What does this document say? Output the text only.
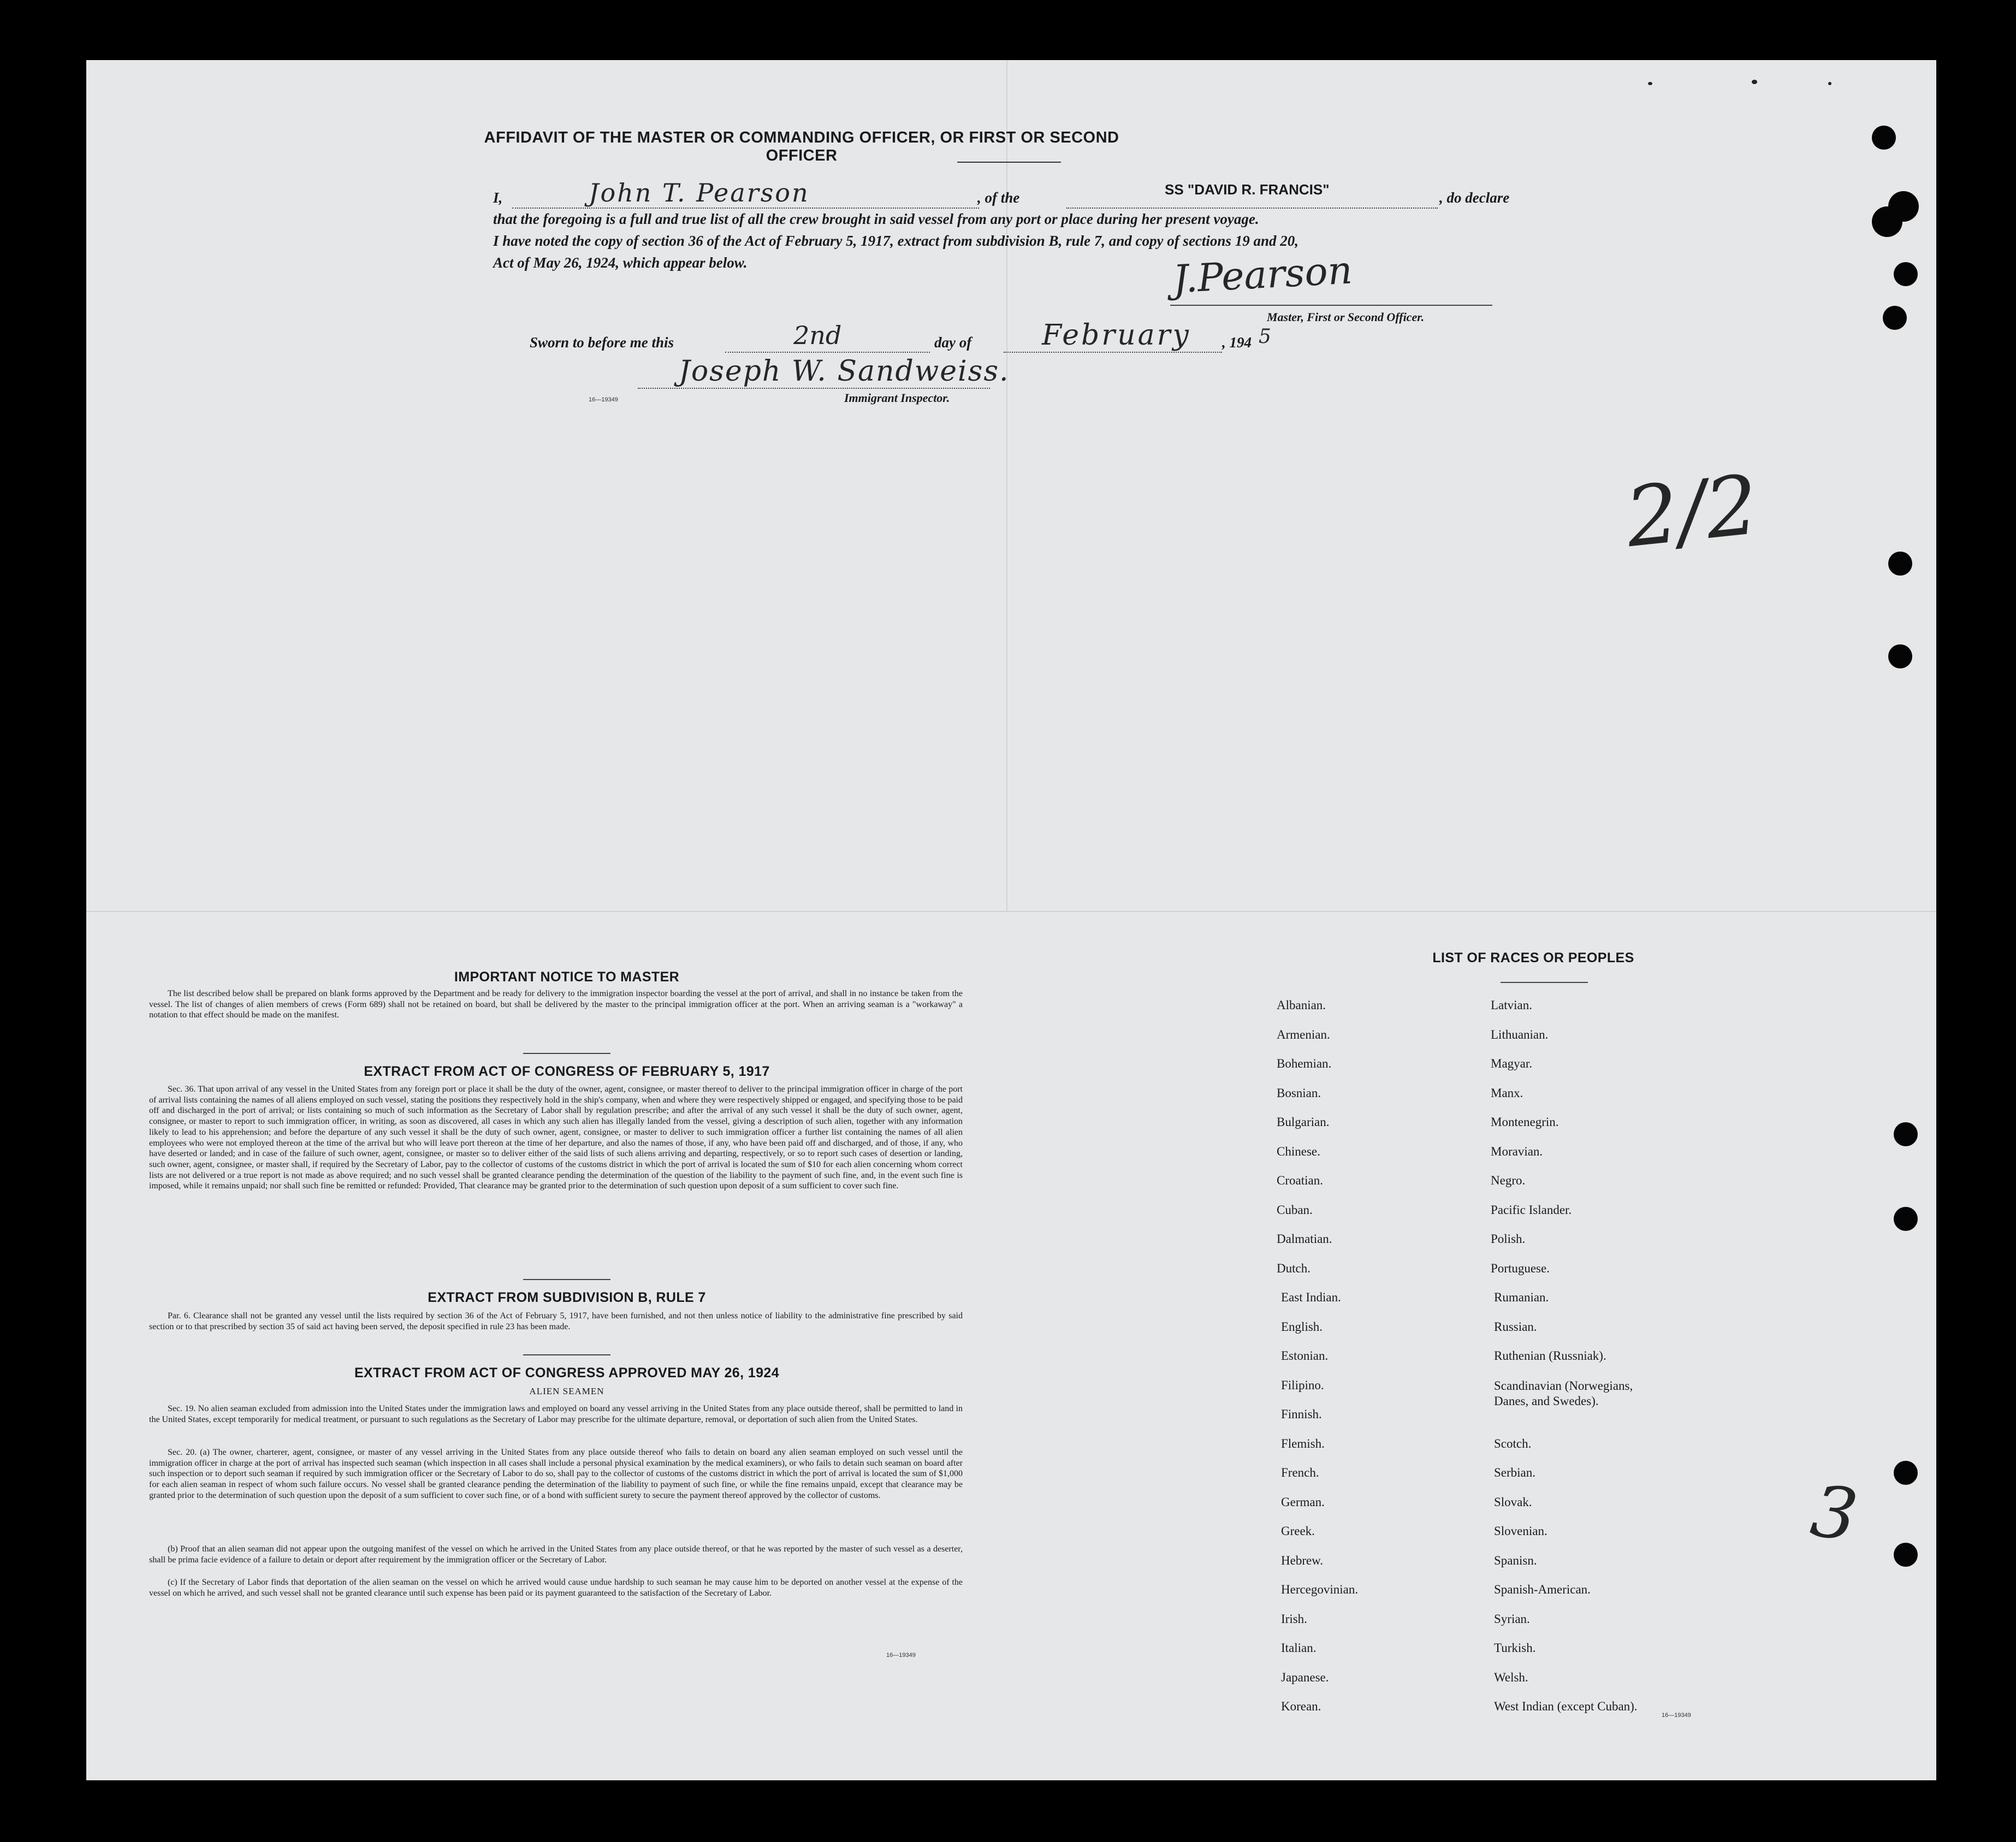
AFFIDAVIT OF THE MASTER OR COMMANDING OFFICER, OR FIRST OR SECOND OFFICER
I,	John T. Pearson	, of the	SS "DAVID R. FRANCIS"	, do declare
that the foregoing is a full and true list of all the crew brought in said vessel from any port or place during her present voyage.
I have noted the copy of section 36 of the Act of February 5, 1917, extract from subdivision B, rule 7, and copy of sections 19 and 20,
Act of May 26, 1924, which appear below.	J.Pearson
Master, First or Second Officer.
Sworn to before me this	2nd	day of February , 194 5
Joseph W. Sandweiss.
16—19349	Immigrant Inspector.
2/2
3
IMPORTANT NOTICE TO MASTER

The list described below shall be prepared on blank forms approved by the Department and be ready for delivery to the immigration inspector boarding the vessel at the port of arrival, and shall in no instance be taken from the vessel. The list of changes of alien members of crews (Form 689) shall not be retained on board, but shall be delivered by the master to the principal immigration officer at the port. When an arriving seaman is a "workaway" a notation to that effect should be made on the manifest.

EXTRACT FROM ACT OF CONGRESS OF FEBRUARY 5, 1917

Sec. 36. That upon arrival of any vessel in the United States from any foreign port or place it shall be the duty of the owner, agent, consignee, or master thereof to deliver to the principal immigration officer in charge of the port of arrival lists containing the names of all aliens employed on such vessel, stating the positions they respectively hold in the ship's company, when and where they were respectively shipped or engaged, and specifying those to be paid off and discharged in the port of arrival; or lists containing so much of such information as the Secretary of Labor shall by regulation prescribe; and after the arrival of any such vessel it shall be the duty of such owner, agent, consignee, or master to report to such immigration officer, in writing, as soon as discovered, all cases in which any such alien has illegally landed from the vessel, giving a description of such alien, together with any information likely to lead to his apprehension; and before the departure of any such vessel it shall be the duty of such owner, agent, consignee, or master to deliver to such immigration officer a further list containing the names of all alien employees who were not employed thereon at the time of the arrival but who will leave port thereon at the time of her departure, and also the names of those, if any, who have been paid off and discharged, and of those, if any, who have deserted or landed; and in case of the failure of such owner, agent, consignee, or master so to deliver either of the said lists of such aliens arriving and departing, respectively, or so to report such cases of desertion or landing, such owner, agent, consignee, or master shall, if required by the Secretary of Labor, pay to the collector of customs of the customs district in which the port of arrival is located the sum of $10 for each alien concerning whom correct lists are not delivered or a true report is not made as above required; and no such vessel shall be granted clearance pending the determination of the question of the liability to the payment of such fine, and, in the event such fine is imposed, while it remains unpaid; nor shall such fine be remitted or refunded: Provided, That clearance may be granted prior to the determination of such question upon deposit of a sum sufficient to cover such fine.

EXTRACT FROM SUBDIVISION B, RULE 7

Par. 6. Clearance shall not be granted any vessel until the lists required by section 36 of the Act of February 5, 1917, have been furnished, and not then unless notice of liability to the administrative fine prescribed by said section or to that prescribed by section 35 of said act having been served, the deposit specified in rule 23 has been made.

EXTRACT FROM ACT OF CONGRESS APPROVED MAY 26, 1924
ALIEN SEAMEN

Sec. 19. No alien seaman excluded from admission into the United States under the immigration laws and employed on board any vessel arriving in the United States from any place outside thereof, shall be permitted to land in the United States, except temporarily for medical treatment, or pursuant to such regulations as the Secretary of Labor may prescribe for the ultimate departure, removal, or deportation of such alien from the United States.

Sec. 20. (a) The owner, charterer, agent, consignee, or master of any vessel arriving in the United States from any place outside thereof who fails to detain on board any alien seaman employed on such vessel until the immigration officer in charge at the port of arrival has inspected such seaman (which inspection in all cases shall include a personal physical examination by the medical examiners), or who fails to detain such seaman on board after such inspection or to deport such seaman if required by such immigration officer or the Secretary of Labor to do so, shall pay to the collector of customs of the customs district in which the port of arrival is located the sum of $1,000 for each alien seaman in respect of whom such failure occurs. No vessel shall be granted clearance pending the determination of the liability to payment of such fine, or while the fine remains unpaid, except that clearance may be granted prior to the determination of such question upon the deposit of a sum sufficient to cover such fine, or of a bond with sufficient surety to secure the payment thereof approved by the collector of customs.

(b) Proof that an alien seaman did not appear upon the outgoing manifest of the vessel on which he arrived in the United States from any place outside thereof, or that he was reported by the master of such vessel as a deserter, shall be prima facie evidence of a failure to detain or deport after requirement by the immigration officer or the Secretary of Labor.

(c) If the Secretary of Labor finds that deportation of the alien seaman on the vessel on which he arrived would cause undue hardship to such seaman he may cause him to be deported on another vessel at the expense of the vessel on which he arrived, and such vessel shall not be granted clearance until such expense has been paid or its payment guaranteed to the satisfaction of the Secretary of Labor.

16—19349
LIST OF RACES OR PEOPLES
16—19349
Albanian.
Armenian.
Bohemian.
Bosnian.
Bulgarian.
Chinese.
Croatian.
Cuban.
Dalmatian.
Dutch.
East Indian.
English.
Estonian.
Filipino.
Finnish.
Flemish.
French.
German.
Greek.
Hebrew.
Hercegovinian.
Irish.
Italian.
Japanese.
Korean.
Latvian.
Lithuanian.
Magyar.
Manx.
Montenegrin.
Moravian.
Negro.
Pacific Islander.
Polish.
Portuguese.
Rumanian.
Russian.
Ruthenian (Russniak).
Scandinavian (Norwegians,
Danes, and Swedes).
Scotch.
Serbian.
Slovak.
Slovenian.
Spanisn.
Spanish-American.
Syrian.
Turkish.
Welsh.
West Indian (except Cuban).
